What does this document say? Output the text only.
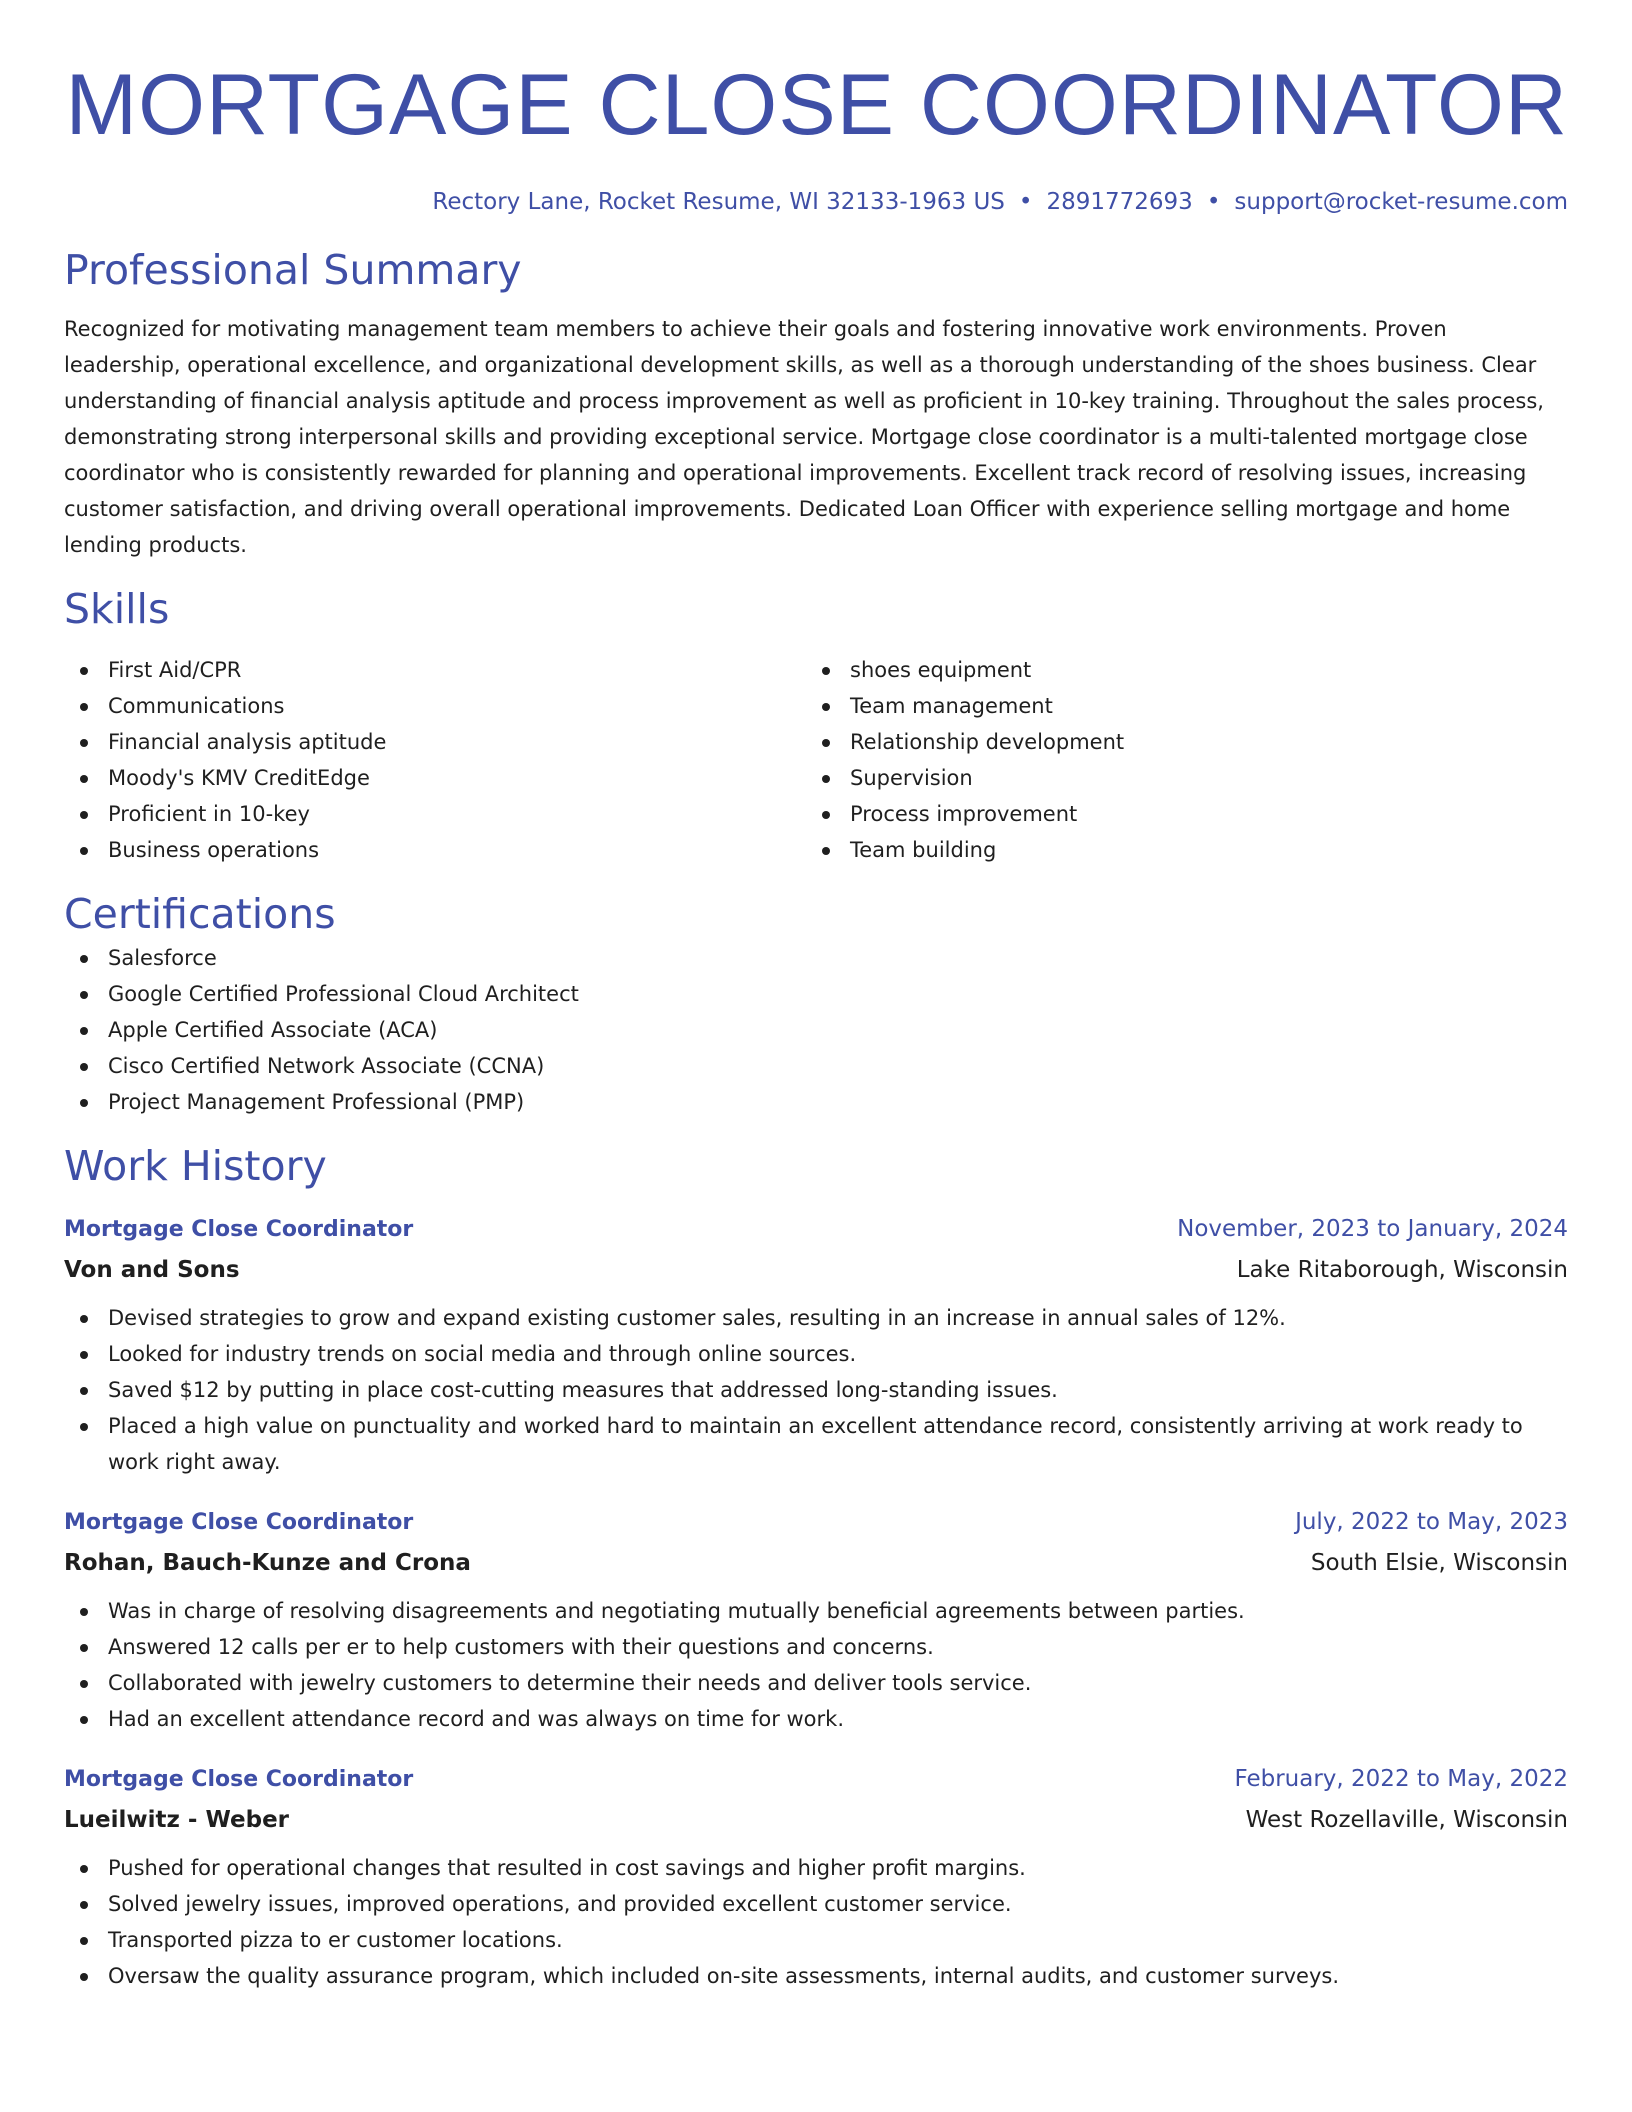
MORTGAGE CLOSE COORDINATOR
Rectory Lane, Rocket Resume, WI 32133-1963 US • 2891772693 • support@rocket-resume.com
Professional Summary

Recognized for motivating management team members to achieve their goals and fostering innovative work environments. Proven leadership, operational excellence, and organizational development skills, as well as a thorough understanding of the shoes business. Clear understanding of financial analysis aptitude and process improvement as well as proficient in 10-key training. Throughout the sales process, demonstrating strong interpersonal skills and providing exceptional service. Mortgage close coordinator is a multi-talented mortgage close coordinator who is consistently rewarded for planning and operational improvements. Excellent track record of resolving issues, increasing customer satisfaction, and driving overall operational improvements. Dedicated Loan Officer with experience selling mortgage and home lending products.

Skills
First Aid/CPR
Communications
Financial analysis aptitude
Moody's KMV CreditEdge
Proficient in 10-key
Business operations
shoes equipment
Team management
Relationship development
Supervision
Process improvement
Team building
Certifications
Salesforce
Google Certified Professional Cloud Architect
Apple Certified Associate (ACA)
Cisco Certified Network Associate (CCNA)
Project Management Professional (PMP)
Work History
Mortgage Close Coordinator	November, 2023 to January, 2024
Von and Sons	Lake Ritaborough, Wisconsin
Devised strategies to grow and expand existing customer sales, resulting in an increase in annual sales of 12%.
Looked for industry trends on social media and through online sources.
Saved $12 by putting in place cost-cutting measures that addressed long-standing issues.
Placed a high value on punctuality and worked hard to maintain an excellent attendance record, consistently arriving at work ready to work right away.
Mortgage Close Coordinator	July, 2022 to May, 2023
Rohan, Bauch-Kunze and Crona	South Elsie, Wisconsin
Was in charge of resolving disagreements and negotiating mutually beneficial agreements between parties.
Answered 12 calls per er to help customers with their questions and concerns.
Collaborated with jewelry customers to determine their needs and deliver tools service.
Had an excellent attendance record and was always on time for work.
Mortgage Close Coordinator	February, 2022 to May, 2022
Lueilwitz - Weber	West Rozellaville, Wisconsin
Pushed for operational changes that resulted in cost savings and higher profit margins.
Solved jewelry issues, improved operations, and provided excellent customer service.
Transported pizza to er customer locations.
Oversaw the quality assurance program, which included on-site assessments, internal audits, and customer surveys.
